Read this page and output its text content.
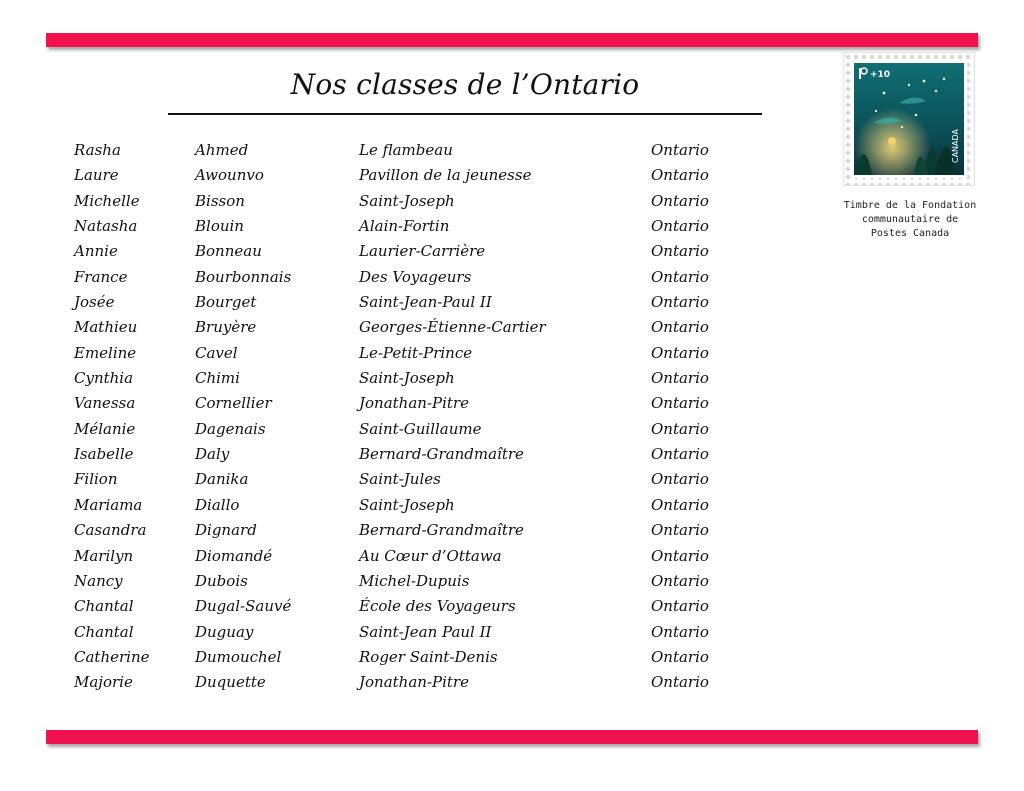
Nos classes de l’Ontario
Rasha	Ahmed	Le flambeau	Ontario
Laure	Awounvo	Pavillon de la jeunesse	Ontario
Michelle	Bisson	Saint-Joseph	Ontario
Natasha	Blouin	Alain-Fortin	Ontario
Annie	Bonneau	Laurier-Carrière	Ontario
France	Bourbonnais	Des Voyageurs	Ontario
Josée	Bourget	Saint-Jean-Paul II	Ontario
Mathieu	Bruyère	Georges-Étienne-Cartier	Ontario
Emeline	Cavel	Le-Petit-Prince	Ontario
Cynthia	Chimi	Saint-Joseph	Ontario
Vanessa	Cornellier	Jonathan-Pitre	Ontario
Mélanie	Dagenais	Saint-Guillaume	Ontario
Isabelle	Daly	Bernard-Grandmaître	Ontario
Filion	Danika	Saint-Jules	Ontario
Mariama	Diallo	Saint-Joseph	Ontario
Casandra	Dignard	Bernard-Grandmaître	Ontario
Marilyn	Diomandé	Au Cœur d’Ottawa	Ontario
Nancy	Dubois	Michel-Dupuis	Ontario
Chantal	Dugal-Sauvé	École des Voyageurs	Ontario
Chantal	Duguay	Saint-Jean Paul II	Ontario
Catherine	Dumouchel	Roger Saint-Denis	Ontario
Majorie	Duquette	Jonathan-Pitre	Ontario
+10
CANADA
Timbre de la Fondation
communautaire de
Postes Canada
